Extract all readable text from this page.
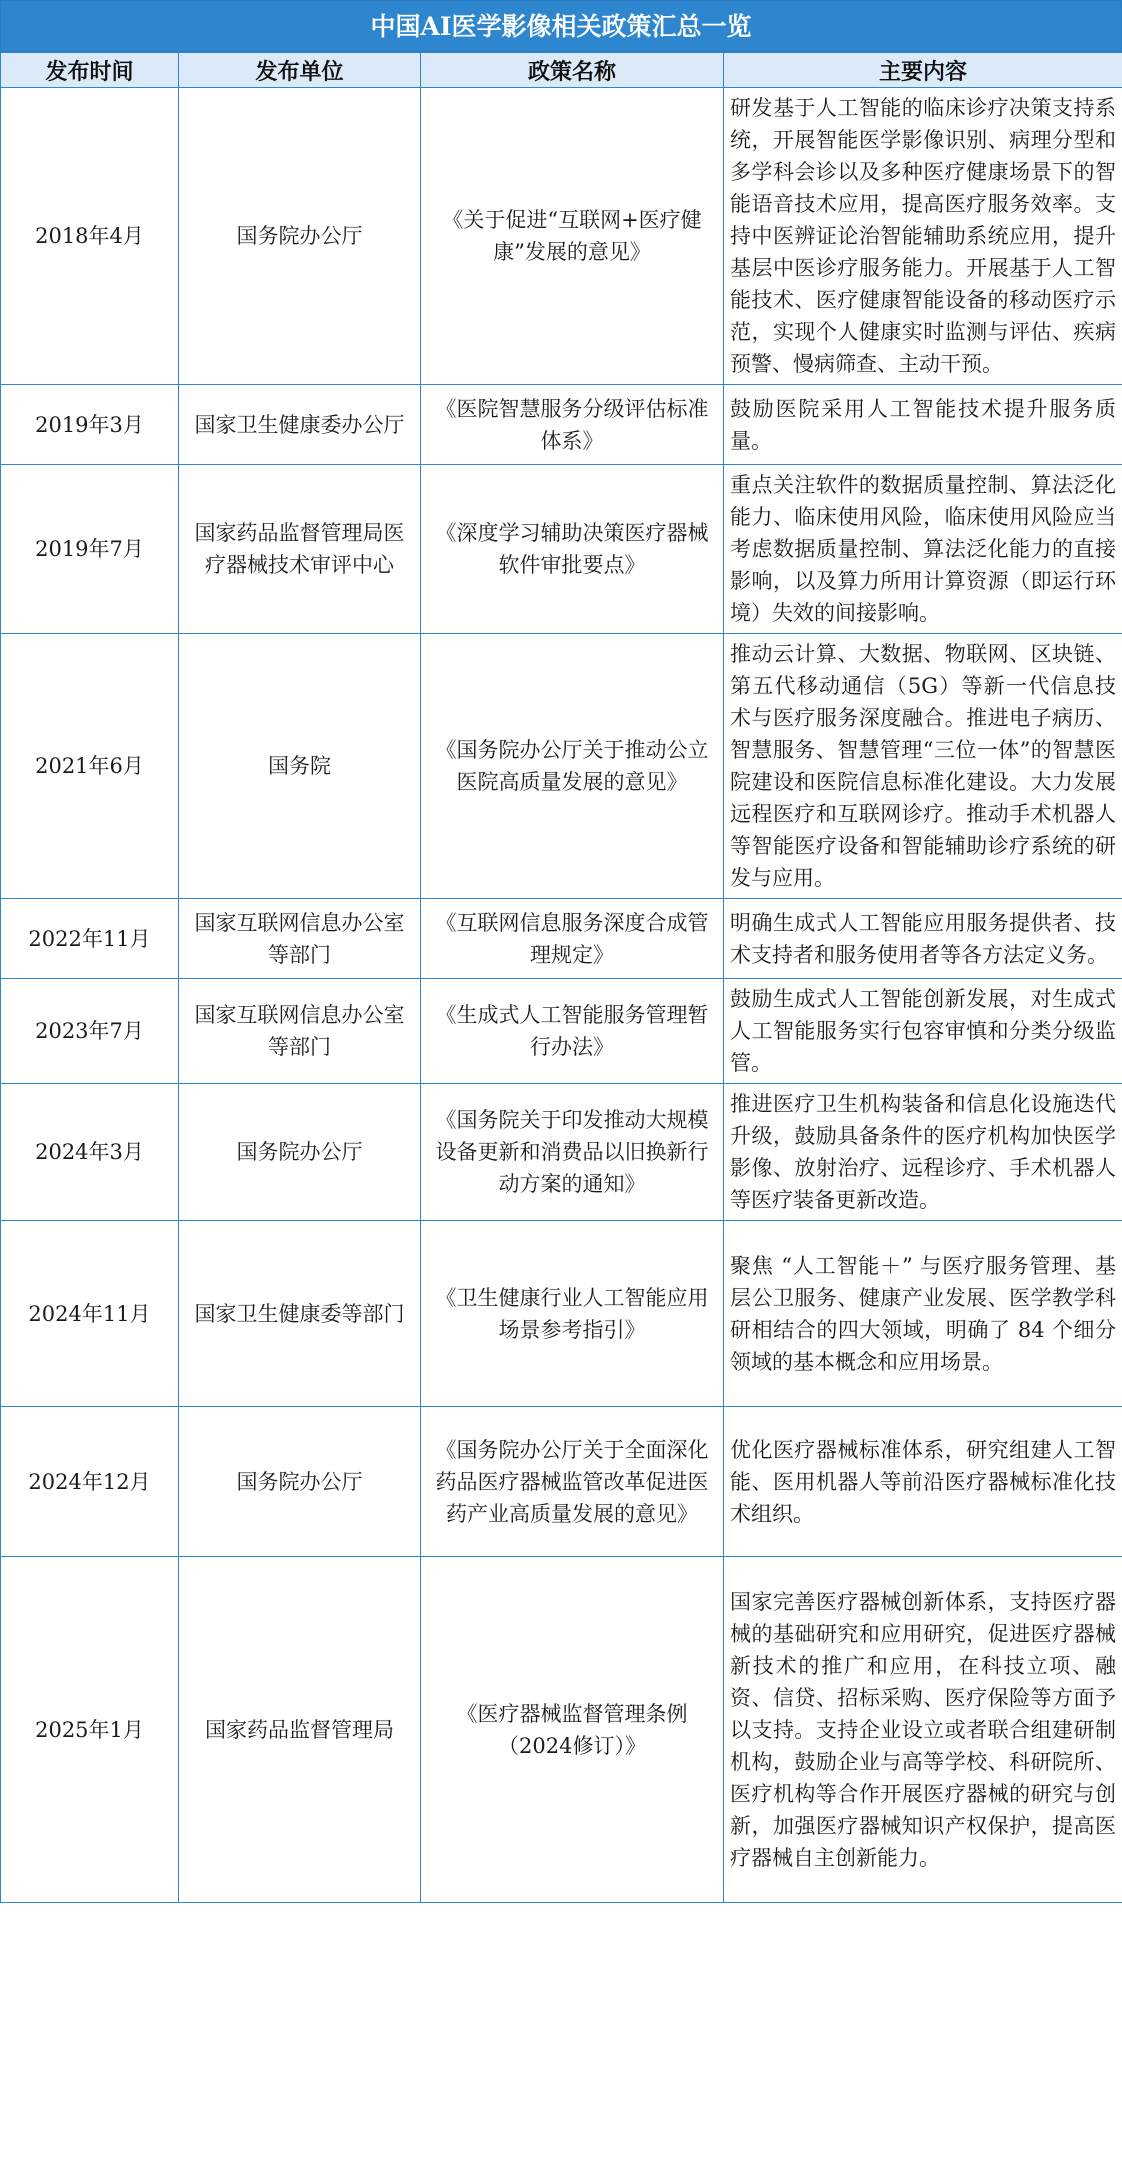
中国AI医学影像相关政策汇总一览
发布时间	发布单位	政策名称	主要内容
2018年4月	国务院办公厅	《关于促进“互联网+医疗健康”发展的意见》	研发基于人工智能的临床诊疗决策支持系统，开展智能医学影像识别、病理分型和多学科会诊以及多种医疗健康场景下的智能语音技术应用，提高医疗服务效率。支持中医辨证论治智能辅助系统应用，提升基层中医诊疗服务能力。开展基于人工智能技术、医疗健康智能设备的移动医疗示范，实现个人健康实时监测与评估、疾病预警、慢病筛查、主动干预。
2019年3月	国家卫生健康委办公厅	《医院智慧服务分级评估标准体系》	鼓励医院采用人工智能技术提升服务质量。
2019年7月	国家药品监督管理局医疗器械技术审评中心	《深度学习辅助决策医疗器械软件审批要点》	重点关注软件的数据质量控制、算法泛化能力、临床使用风险，临床使用风险应当考虑数据质量控制、算法泛化能力的直接影响，以及算力所用计算资源（即运行环境）失效的间接影响。
2021年6月	国务院	《国务院办公厅关于推动公立医院高质量发展的意见》	推动云计算、大数据、物联网、区块链、第五代移动通信（5G）等新一代信息技术与医疗服务深度融合。推进电子病历、智慧服务、智慧管理“三位一体”的智慧医院建设和医院信息标准化建设。大力发展远程医疗和互联网诊疗。推动手术机器人等智能医疗设备和智能辅助诊疗系统的研发与应用。
2022年11月	国家互联网信息办公室等部门	《互联网信息服务深度合成管理规定》	明确生成式人工智能应用服务提供者、技术支持者和服务使用者等各方法定义务。
2023年7月	国家互联网信息办公室等部门	《生成式人工智能服务管理暂行办法》	鼓励生成式人工智能创新发展，对生成式人工智能服务实行包容审慎和分类分级监管。
2024年3月	国务院办公厅	《国务院关于印发推动大规模设备更新和消费品以旧换新行动方案的通知》	推进医疗卫生机构装备和信息化设施迭代升级，鼓励具备条件的医疗机构加快医学影像、放射治疗、远程诊疗、手术机器人等医疗装备更新改造。
2024年11月	国家卫生健康委等部门	《卫生健康行业人工智能应用场景参考指引》	聚焦 “人工智能＋” 与医疗服务管理、基层公卫服务、健康产业发展、医学教学科研相结合的四大领域，明确了 84 个细分领域的基本概念和应用场景。
2024年12月	国务院办公厅	《国务院办公厅关于全面深化药品医疗器械监管改革促进医药产业高质量发展的意见》	优化医疗器械标准体系，研究组建人工智能、医用机器人等前沿医疗器械标准化技术组织。
2025年1月	国家药品监督管理局	《医疗器械监督管理条例（2024修订）》	国家完善医疗器械创新体系，支持医疗器械的基础研究和应用研究，促进医疗器械新技术的推广和应用，在科技立项、融资、信贷、招标采购、医疗保险等方面予以支持。支持企业设立或者联合组建研制机构，鼓励企业与高等学校、科研院所、医疗机构等合作开展医疗器械的研究与创新，加强医疗器械知识产权保护，提高医疗器械自主创新能力。
